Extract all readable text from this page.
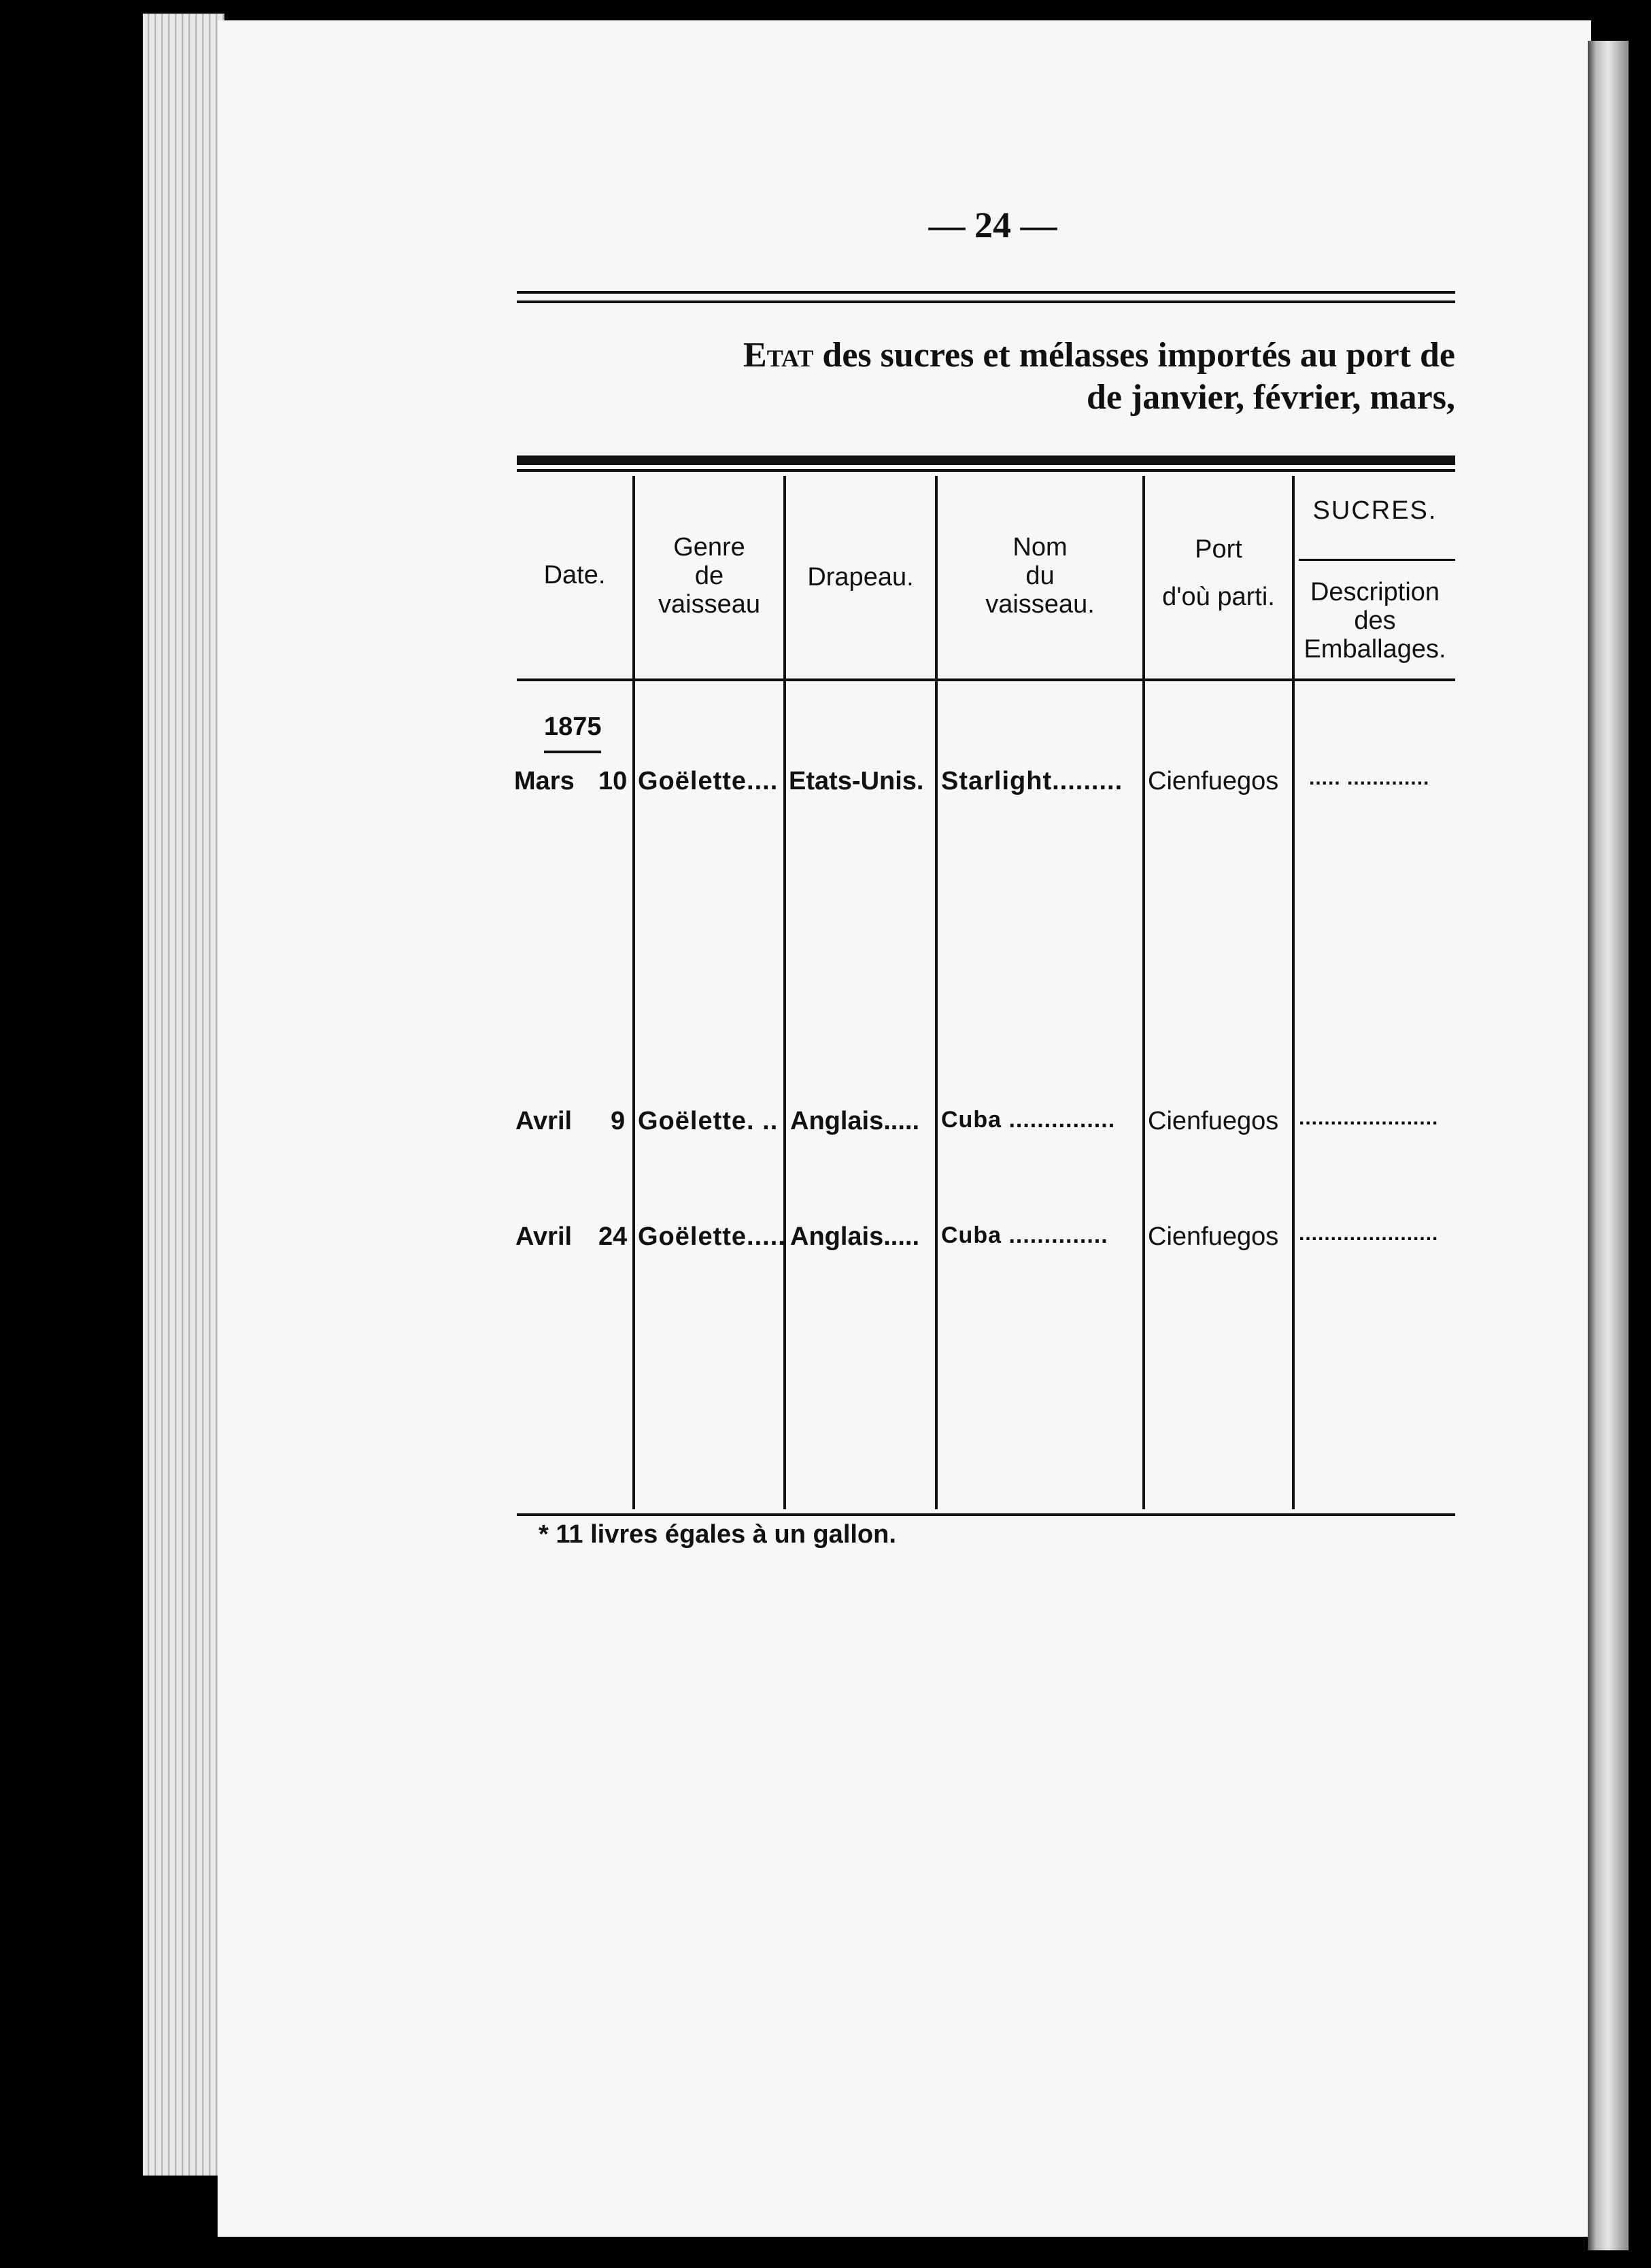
— 24 —
Etat des sucres et mélasses importés au port de
de janvier, février, mars,
Date.
Genre
de
vaisseau
Drapeau.
Nom
du
vaisseau.
Port
d'où parti.
SUCRES.
Description
des
Emballages.
1875
Mars 10 Goëlette.... Etats-Unis. Starlight......... Cienfuegos ..... .............
Avril 9 Goëlette. .. Anglais..... Cuba ............... Cienfuegos ......................
Avril 24 Goëlette..... Anglais..... Cuba .............. Cienfuegos ......................
* 11 livres égales à un gallon.
